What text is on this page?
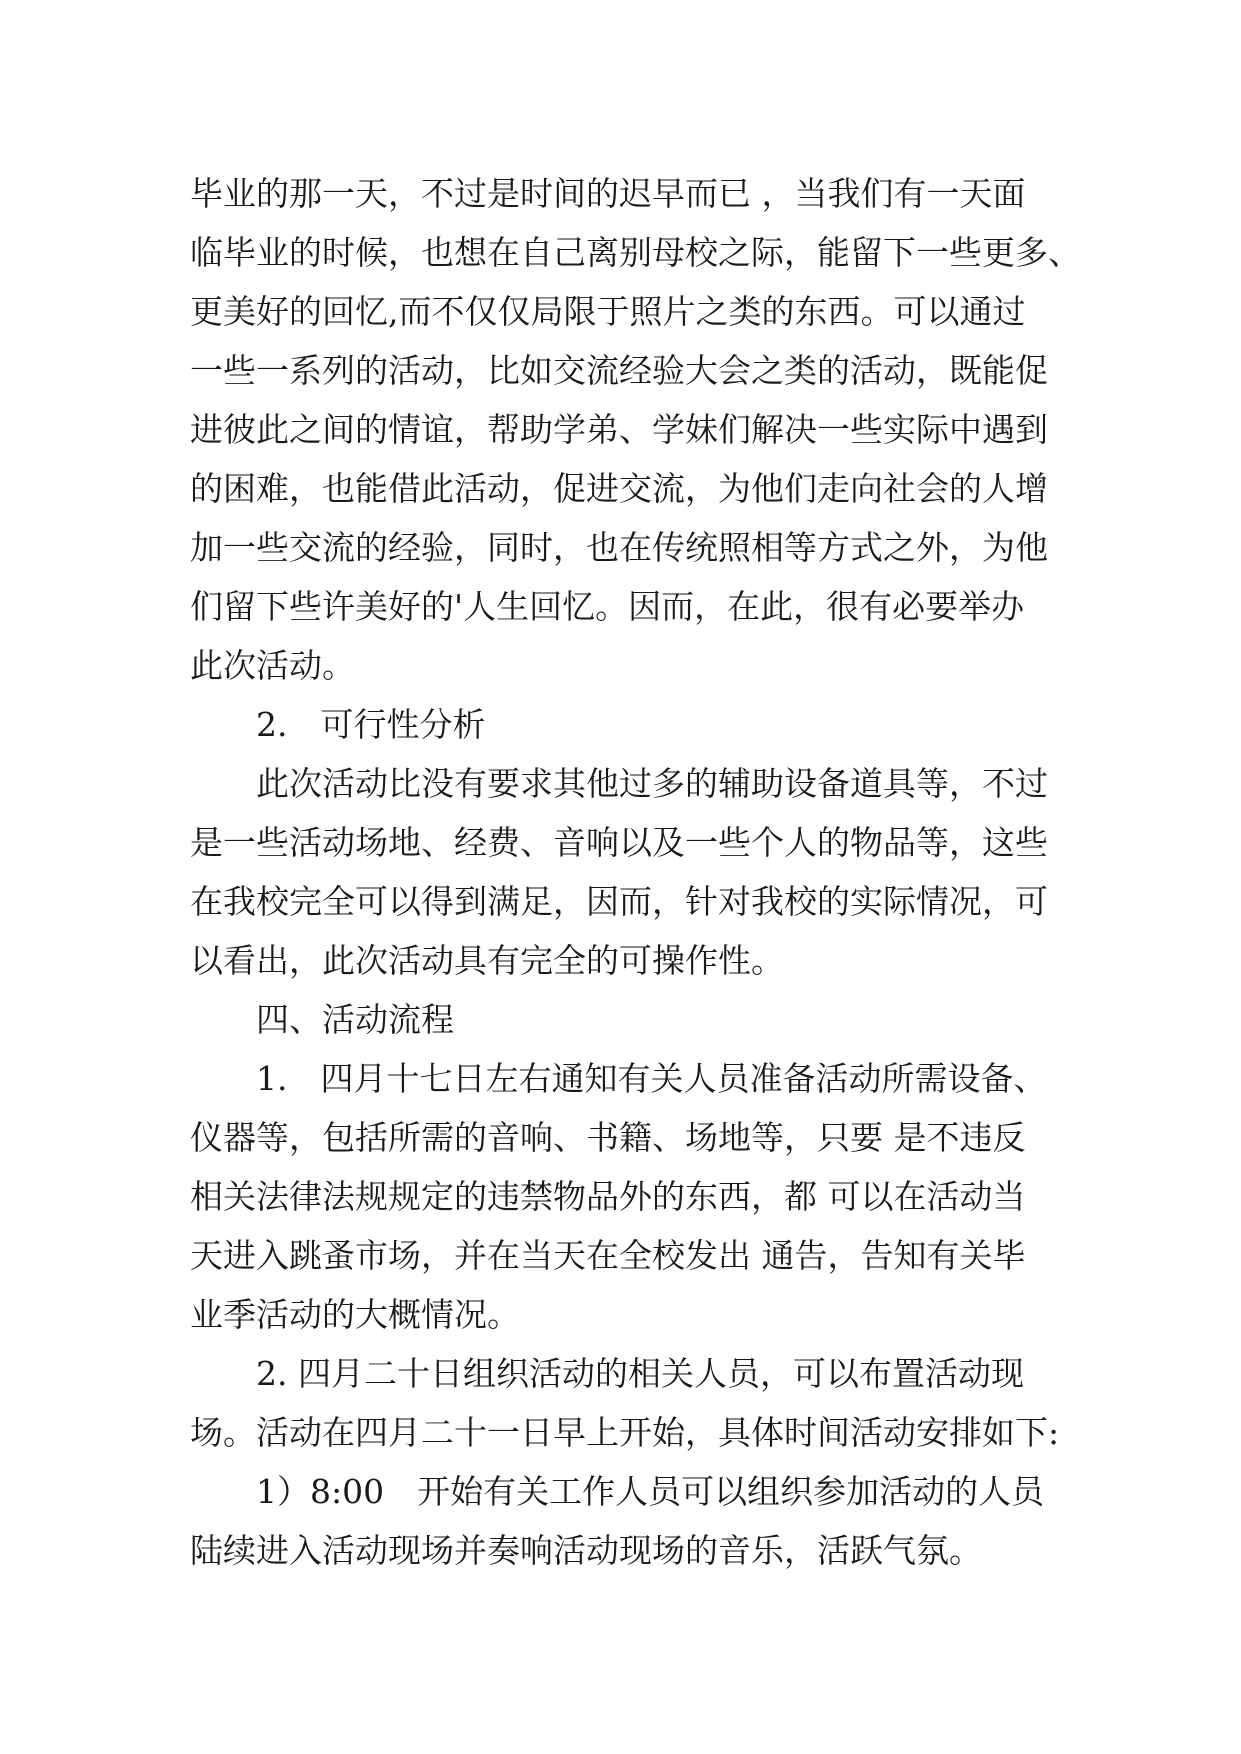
毕业的那一天，不过是时间的迟早而已 ，当我们有一天面
临毕业的时候，也想在自己离别母校之际，能留下一些更多、
更美好的回忆,而不仅仅局限于照片之类的东西。可以通过
一些一系列的活动，比如交流经验大会之类的活动，既能促
进彼此之间的情谊，帮助学弟、学妹们解决一些实际中遇到
的困难，也能借此活动，促进交流，为他们走向社会的人增
加一些交流的经验，同时，也在传统照相等方式之外，为他
们留下些许美好的'人生回忆。因而，在此，很有必要举办
此次活动。
2.　可行性分析
此次活动比没有要求其他过多的辅助设备道具等，不过
是一些活动场地、经费、音响以及一些个人的物品等，这些
在我校完全可以得到满足，因而，针对我校的实际情况，可
以看出，此次活动具有完全的可操作性。
四、活动流程
1.　四月十七日左右通知有关人员准备活动所需设备、
仪器等，包括所需的音响、书籍、场地等，只要 是不违反
相关法律法规规定的违禁物品外的东西，都 可以在活动当
天进入跳蚤市场，并在当天在全校发出 通告，告知有关毕
业季活动的大概情况。
2. 四月二十日组织活动的相关人员，可以布置活动现
场。活动在四月二十一日早上开始，具体时间活动安排如下:
1）8:00　开始有关工作人员可以组织参加活动的人员
陆续进入活动现场并奏响活动现场的音乐，活跃气氛。
